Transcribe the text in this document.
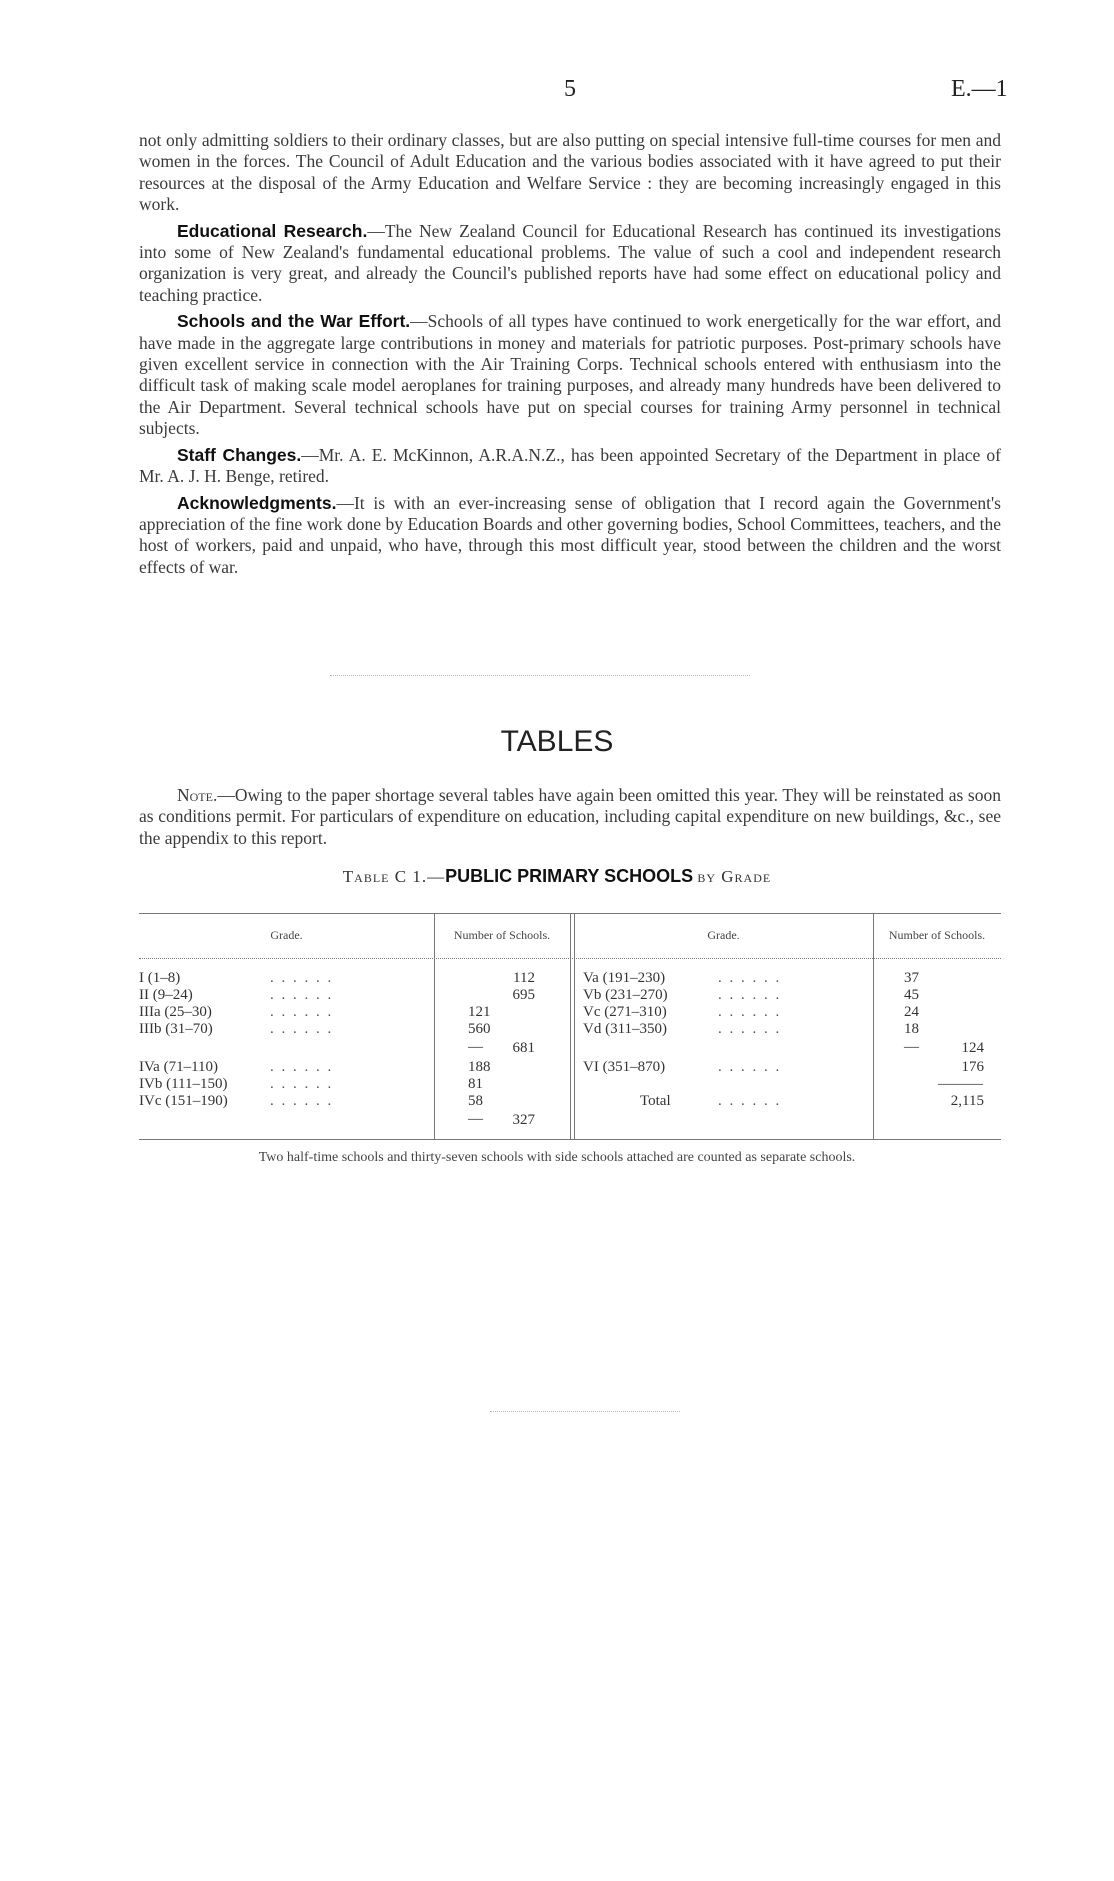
5	E.—1

not only admitting soldiers to their ordinary classes, but are also putting on special intensive full-time courses for men and women in the forces. The Council of Adult Education and the various bodies associated with it have agreed to put their resources at the disposal of the Army Education and Welfare Service : they are becoming increasingly engaged in this work.

Educational Research.—The New Zealand Council for Educational Research has continued its investigations into some of New Zealand's fundamental educational problems. The value of such a cool and independent research organization is very great, and already the Council's published reports have had some effect on educational policy and teaching practice.

Schools and the War Effort.—Schools of all types have continued to work energetically for the war effort, and have made in the aggregate large contributions in money and materials for patriotic purposes. Post-primary schools have given excellent service in connection with the Air Training Corps. Technical schools entered with enthusiasm into the difficult task of making scale model aeroplanes for training purposes, and already many hundreds have been delivered to the Air Department. Several technical schools have put on special courses for training Army personnel in technical subjects.

Staff Changes.—Mr. A. E. McKinnon, A.R.A.N.Z., has been appointed Secretary of the Department in place of Mr. A. J. H. Benge, retired.

Acknowledgments.—It is with an ever-increasing sense of obligation that I record again the Government's appreciation of the fine work done by Education Boards and other governing bodies, School Committees, teachers, and the host of workers, paid and unpaid, who have, through this most difficult year, stood between the children and the worst effects of war.

TABLES

Note.—Owing to the paper shortage several tables have again been omitted this year. They will be reinstated as soon as conditions permit. For particulars of expenditure on education, including capital expenditure on new buildings, &c., see the appendix to this report.

Table C 1.—PUBLIC PRIMARY SCHOOLS by Grade
Grade.	Number of Schools.	Grade.	Number of Schools.
I (1–8)	. . . . . .	112
II (9–24)	. . . . . .	695
IIIa (25–30)	. . . . . .	121
IIIb (31–70)	. . . . . .	560
—	681
IVa (71–110)	. . . . . .	188
IVb (111–150)	. . . . . .	81
IVc (151–190)	. . . . . .	58
—	327
Va (191–230)	. . . . . .	37
Vb (231–270)	. . . . . .	45
Vc (271–310)	. . . . . .	24
Vd (311–350)	. . . . . .	18
—	124
VI (351–870)	. . . . . .	176
———
Total	. . . . . .	2,115
Two half-time schools and thirty-seven schools with side schools attached are counted as separate schools.
